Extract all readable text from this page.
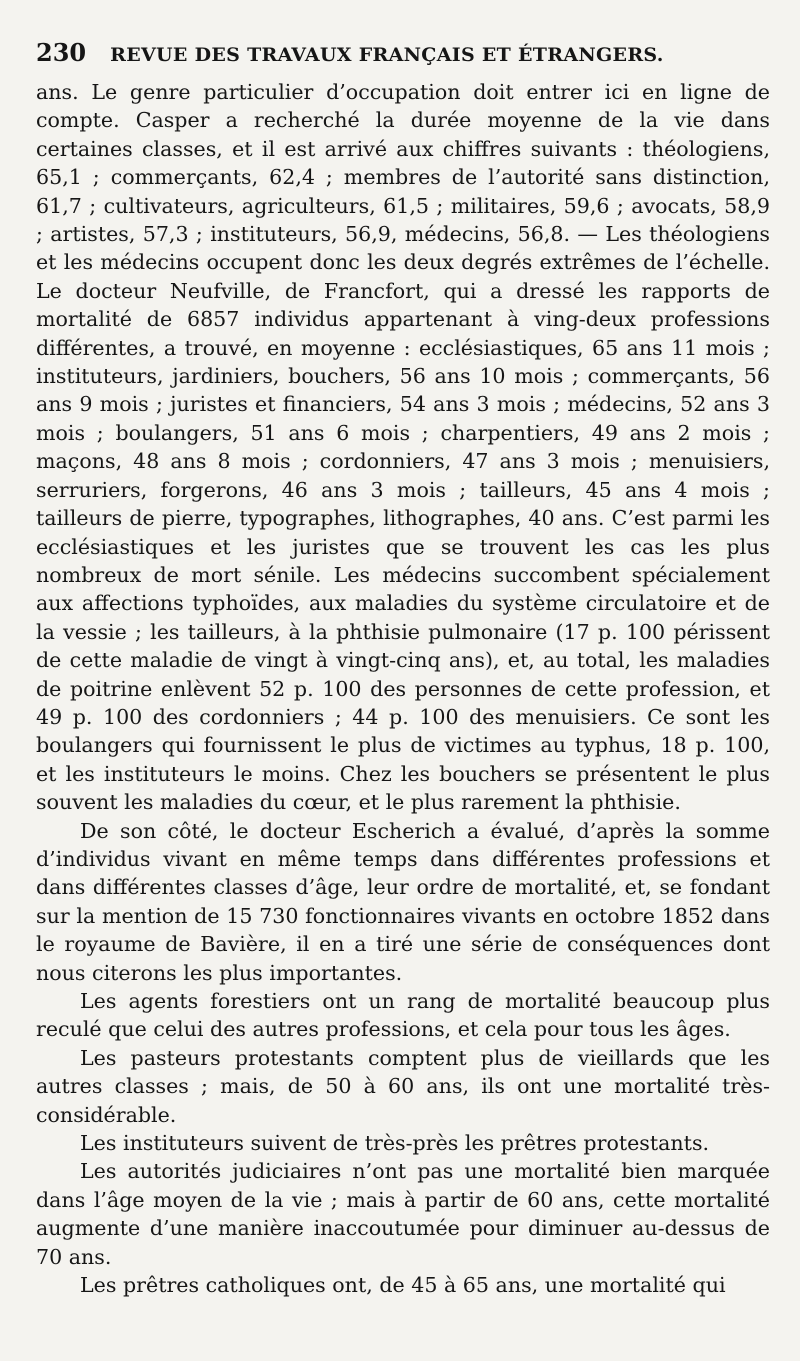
230 REVUE DES TRAVAUX FRANÇAIS ET ÉTRANGERS.

ans. Le genre particulier d’occupation doit entrer ici en ligne de compte. Casper a recherché la durée moyenne de la vie dans certaines classes, et il est arrivé aux chiffres suivants : théologiens, 65,1 ; commerçants, 62,4 ; membres de l’autorité sans distinction, 61,7 ; cultivateurs, agriculteurs, 61,5 ; militaires, 59,6 ; avocats, 58,9 ; artistes, 57,3 ; instituteurs, 56,9, médecins, 56,8. — Les théologiens et les médecins occupent donc les deux degrés extrêmes de l’échelle. Le docteur Neufville, de Francfort, qui a dressé les rapports de mortalité de 6857 individus appartenant à ving-deux professions différentes, a trouvé, en moyenne : ecclésiastiques, 65 ans 11 mois ; instituteurs, jardiniers, bouchers, 56 ans 10 mois ; commerçants, 56 ans 9 mois ; juristes et financiers, 54 ans 3 mois ; médecins, 52 ans 3 mois ; boulangers, 51 ans 6 mois ; charpentiers, 49 ans 2 mois ; maçons, 48 ans 8 mois ; cordonniers, 47 ans 3 mois ; menuisiers, serruriers, forgerons, 46 ans 3 mois ; tailleurs, 45 ans 4 mois ; tailleurs de pierre, typographes, lithographes, 40 ans. C’est parmi les ecclésiastiques et les juristes que se trouvent les cas les plus nombreux de mort sénile. Les médecins succombent spécialement aux affections typhoïdes, aux maladies du système circulatoire et de la vessie ; les tailleurs, à la phthisie pulmonaire (17 p. 100 périssent de cette maladie de vingt à vingt-cinq ans), et, au total, les maladies de poitrine enlèvent 52 p. 100 des personnes de cette profession, et 49 p. 100 des cordonniers ; 44 p. 100 des menuisiers. Ce sont les boulangers qui fournissent le plus de victimes au typhus, 18 p. 100, et les instituteurs le moins. Chez les bouchers se présentent le plus souvent les maladies du cœur, et le plus rarement la phthisie.

De son côté, le docteur Escherich a évalué, d’après la somme d’individus vivant en même temps dans différentes professions et dans différentes classes d’âge, leur ordre de mortalité, et, se fondant sur la mention de 15 730 fonctionnaires vivants en octobre 1852 dans le royaume de Bavière, il en a tiré une série de conséquences dont nous citerons les plus importantes.

Les agents forestiers ont un rang de mortalité beaucoup plus reculé que celui des autres professions, et cela pour tous les âges.

Les pasteurs protestants comptent plus de vieillards que les autres classes ; mais, de 50 à 60 ans, ils ont une mortalité très-considérable.

Les instituteurs suivent de très-près les prêtres protestants.

Les autorités judiciaires n’ont pas une mortalité bien marquée dans l’âge moyen de la vie ; mais à partir de 60 ans, cette mortalité augmente d’une manière inaccoutumée pour diminuer au-dessus de 70 ans.

Les prêtres catholiques ont, de 45 à 65 ans, une mortalité qui
